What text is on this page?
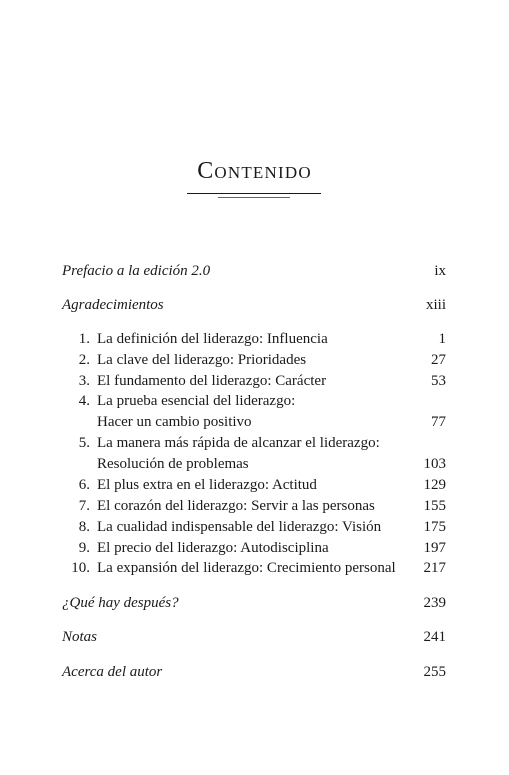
Contenido
Prefacio a la edición 2.0	ix
Agradecimientos	xiii
1. La definición del liderazgo: Influencia	1
2. La clave del liderazgo: Prioridades	27
3. El fundamento del liderazgo: Carácter	53
4. La prueba esencial del liderazgo:
Hacer un cambio positivo	77
5. La manera más rápida de alcanzar el liderazgo:
Resolución de problemas	103
6. El plus extra en el liderazgo: Actitud	129
7. El corazón del liderazgo: Servir a las personas	155
8. La cualidad indispensable del liderazgo: Visión	175
9. El precio del liderazgo: Autodisciplina	197
10. La expansión del liderazgo: Crecimiento personal 217
¿Qué hay después?	239
Notas	241
Acerca del autor	255
